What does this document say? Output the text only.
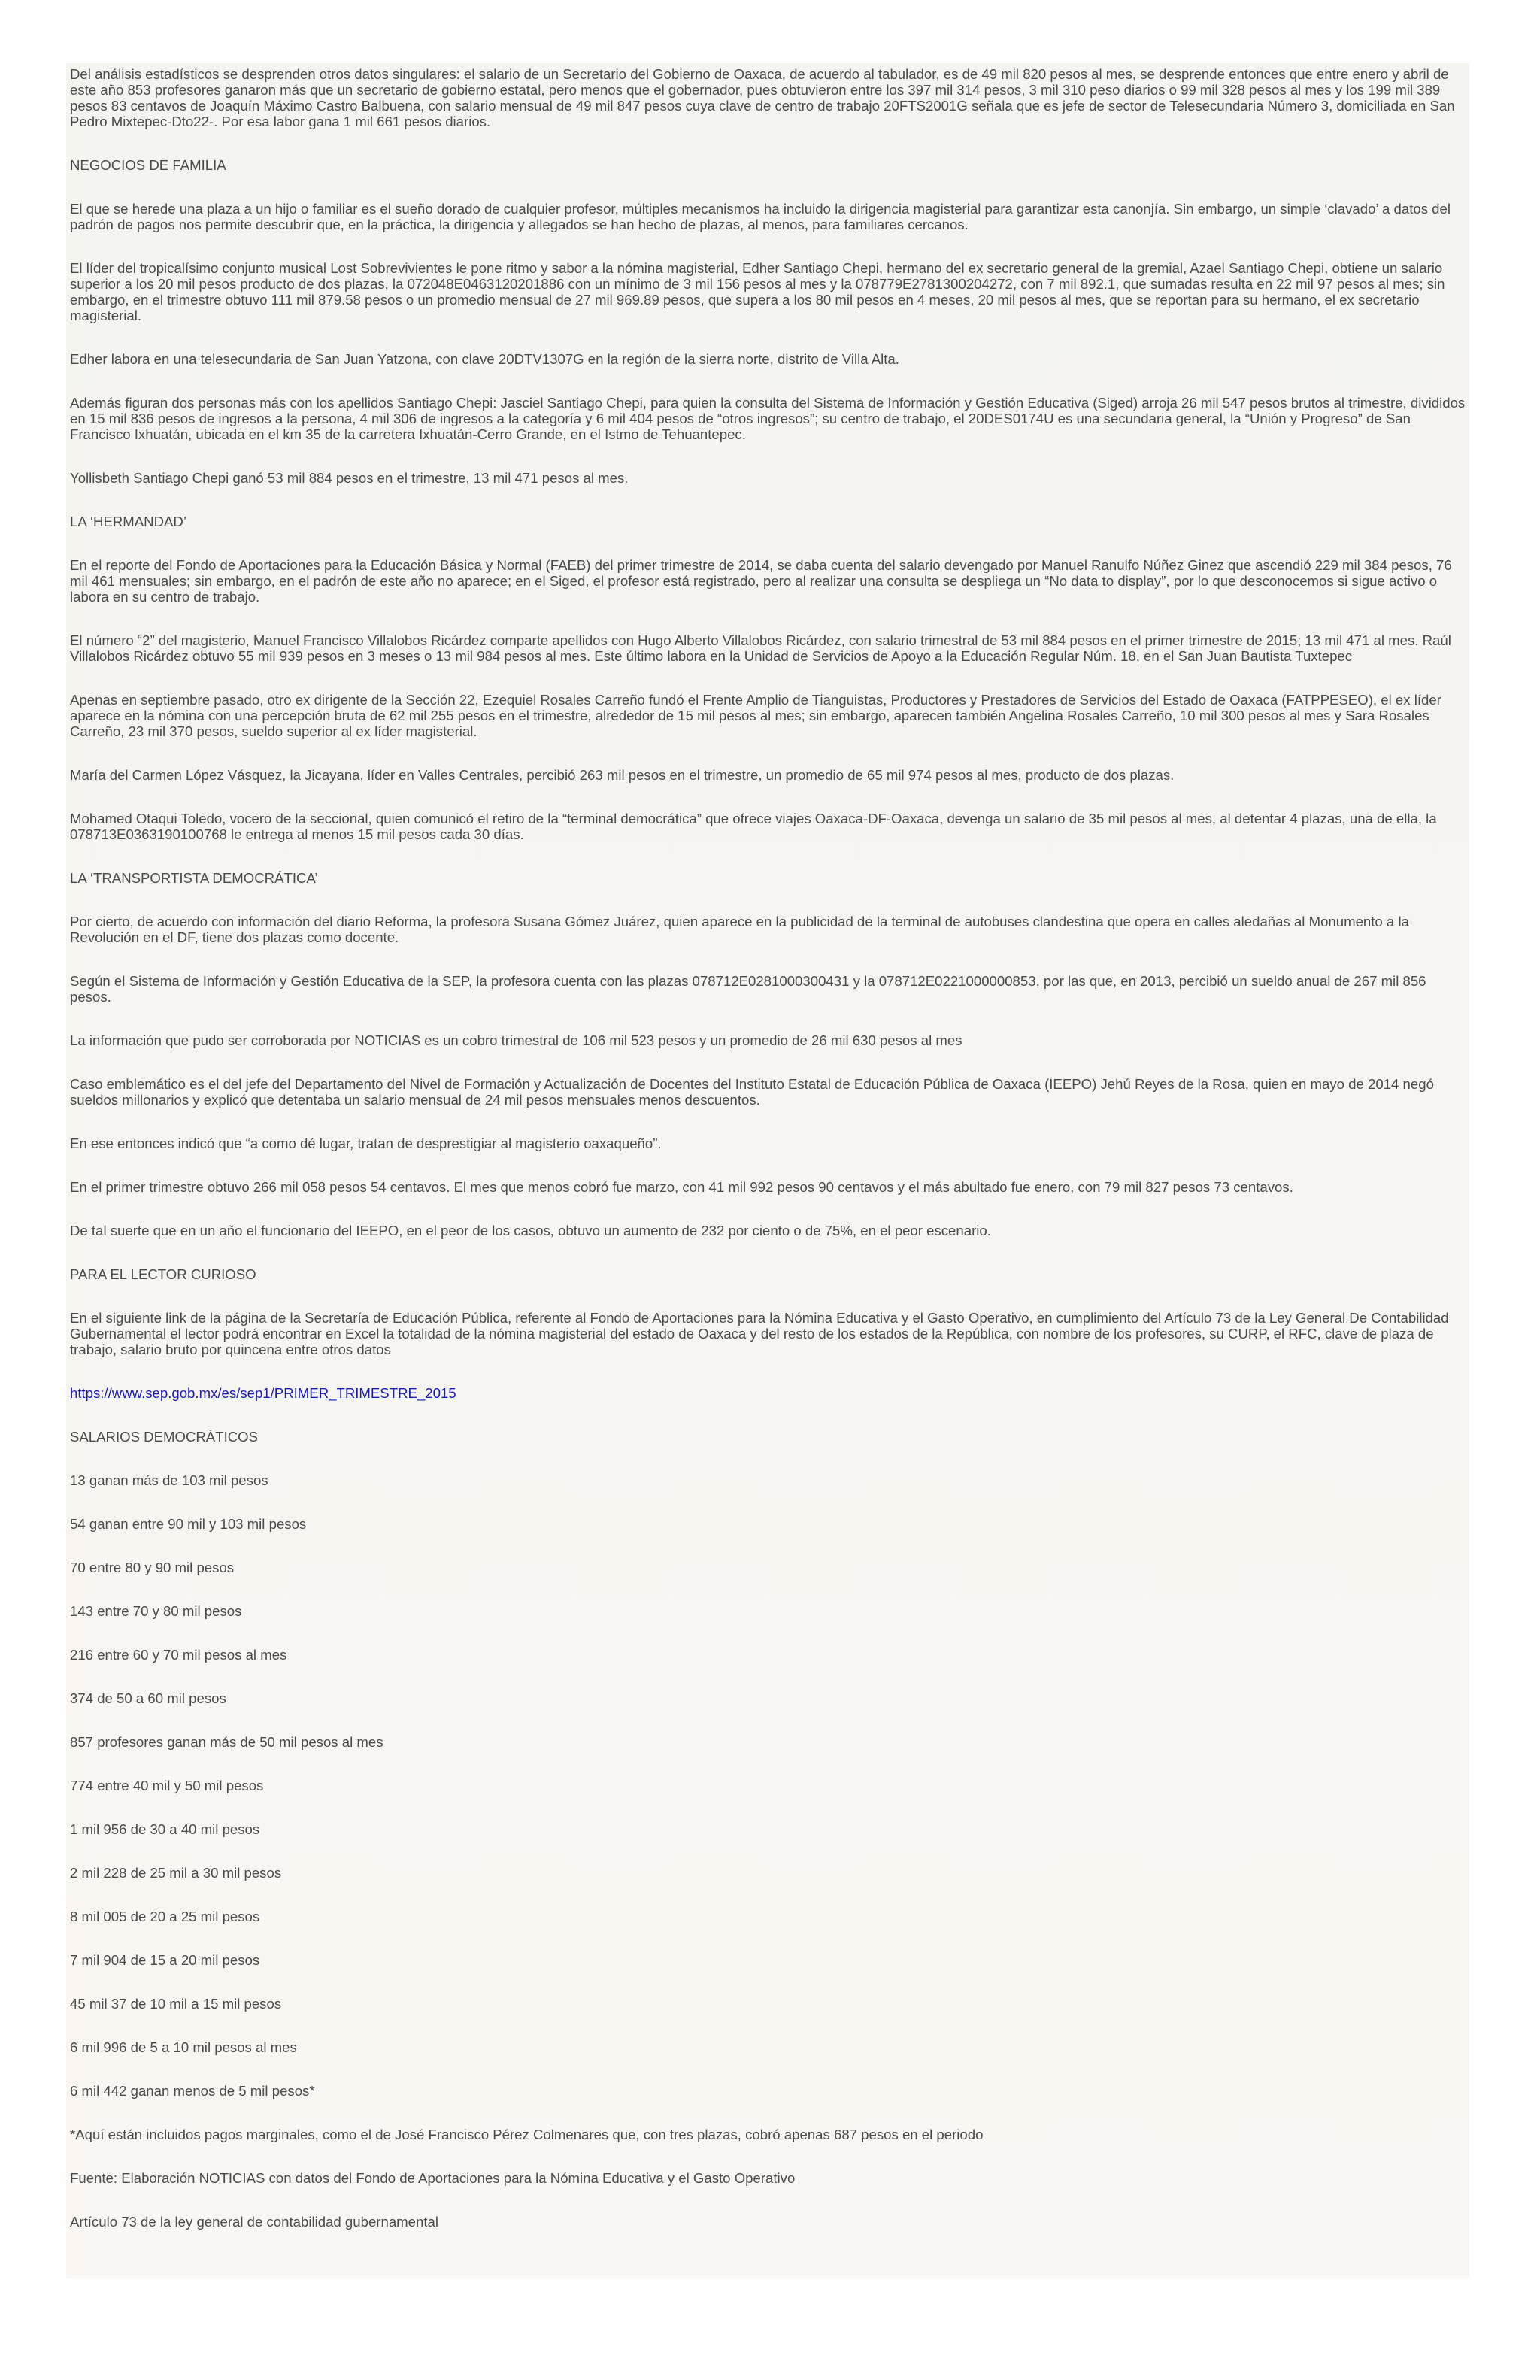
Del análisis estadísticos se desprenden otros datos singulares: el salario de un Secretario del Gobierno de Oaxaca, de acuerdo al tabulador, es de 49 mil 820 pesos al mes, se desprende entonces que entre enero y abril de este año 853 profesores ganaron más que un secretario de gobierno estatal, pero menos que el gobernador, pues obtuvieron entre los 397 mil 314 pesos, 3 mil 310 peso diarios o 99 mil 328 pesos al mes y los 199 mil 389 pesos 83 centavos de Joaquín Máximo Castro Balbuena, con salario mensual de 49 mil 847 pesos cuya clave de centro de trabajo 20FTS2001G señala que es jefe de sector de Telesecundaria Número 3, domiciliada en San Pedro Mixtepec-Dto22-. Por esa labor gana 1 mil 661 pesos diarios.

NEGOCIOS DE FAMILIA

El que se herede una plaza a un hijo o familiar es el sueño dorado de cualquier profesor, múltiples mecanismos ha incluido la dirigencia magisterial para garantizar esta canonjía. Sin embargo, un simple ‘clavado’ a datos del padrón de pagos nos permite descubrir que, en la práctica, la dirigencia y allegados se han hecho de plazas, al menos, para familiares cercanos.

El líder del tropicalísimo conjunto musical Lost Sobrevivientes le pone ritmo y sabor a la nómina magisterial, Edher Santiago Chepi, hermano del ex secretario general de la gremial, Azael Santiago Chepi, obtiene un salario superior a los 20 mil pesos producto de dos plazas, la 072048E0463120201886 con un mínimo de 3 mil 156 pesos al mes y la 078779E2781300204272, con 7 mil 892.1, que sumadas resulta en 22 mil 97 pesos al mes; sin embargo, en el trimestre obtuvo 111 mil 879.58 pesos o un promedio mensual de 27 mil 969.89 pesos, que supera a los 80 mil pesos en 4 meses, 20 mil pesos al mes, que se reportan para su hermano, el ex secretario magisterial.

Edher labora en una telesecundaria de San Juan Yatzona, con clave 20DTV1307G en la región de la sierra norte, distrito de Villa Alta.

Además figuran dos personas más con los apellidos Santiago Chepi: Jasciel Santiago Chepi, para quien la consulta del Sistema de Información y Gestión Educativa (Siged) arroja 26 mil 547 pesos brutos al trimestre, divididos en 15 mil 836 pesos de ingresos a la persona, 4 mil 306 de ingresos a la categoría y 6 mil 404 pesos de “otros ingresos”; su centro de trabajo, el 20DES0174U es una secundaria general, la “Unión y Progreso” de San Francisco Ixhuatán, ubicada en el km 35 de la carretera Ixhuatán-Cerro Grande, en el Istmo de Tehuantepec.

Yollisbeth Santiago Chepi ganó 53 mil 884 pesos en el trimestre, 13 mil 471 pesos al mes.

LA ‘HERMANDAD’

En el reporte del Fondo de Aportaciones para la Educación Básica y Normal (FAEB) del primer trimestre de 2014, se daba cuenta del salario devengado por Manuel Ranulfo Núñez Ginez que ascendió 229 mil 384 pesos, 76 mil 461 mensuales; sin embargo, en el padrón de este año no aparece; en el Siged, el profesor está registrado, pero al realizar una consulta se despliega un “No data to display”, por lo que desconocemos si sigue activo o labora en su centro de trabajo.

El número “2” del magisterio, Manuel Francisco Villalobos Ricárdez comparte apellidos con Hugo Alberto Villalobos Ricárdez, con salario trimestral de 53 mil 884 pesos en el primer trimestre de 2015; 13 mil 471 al mes. Raúl Villalobos Ricárdez obtuvo 55 mil 939 pesos en 3 meses o 13 mil 984 pesos al mes. Este último labora en la Unidad de Servicios de Apoyo a la Educación Regular Núm. 18, en el San Juan Bautista Tuxtepec

Apenas en septiembre pasado, otro ex dirigente de la Sección 22, Ezequiel Rosales Carreño fundó el Frente Amplio de Tianguistas, Productores y Prestadores de Servicios del Estado de Oaxaca (FATPPESEO), el ex líder aparece en la nómina con una percepción bruta de 62 mil 255 pesos en el trimestre, alrededor de 15 mil pesos al mes; sin embargo, aparecen también Angelina Rosales Carreño, 10 mil 300 pesos al mes y Sara Rosales Carreño, 23 mil 370 pesos, sueldo superior al ex líder magisterial.

María del Carmen López Vásquez, la Jicayana, líder en Valles Centrales, percibió 263 mil pesos en el trimestre, un promedio de 65 mil 974 pesos al mes, producto de dos plazas.

Mohamed Otaqui Toledo, vocero de la seccional, quien comunicó el retiro de la “terminal democrática” que ofrece viajes Oaxaca-DF-Oaxaca, devenga un salario de 35 mil pesos al mes, al detentar 4 plazas, una de ella, la 078713E0363190100768 le entrega al menos 15 mil pesos cada 30 días.

LA ‘TRANSPORTISTA DEMOCRÁTICA’

Por cierto, de acuerdo con información del diario Reforma, la profesora Susana Gómez Juárez, quien aparece en la publicidad de la terminal de autobuses clandestina que opera en calles aledañas al Monumento a la Revolución en el DF, tiene dos plazas como docente.

Según el Sistema de Información y Gestión Educativa de la SEP, la profesora cuenta con las plazas 078712E0281000300431 y la 078712E0221000000853, por las que, en 2013, percibió un sueldo anual de 267 mil 856 pesos.

La información que pudo ser corroborada por NOTICIAS es un cobro trimestral de 106 mil 523 pesos y un promedio de 26 mil 630 pesos al mes

Caso emblemático es el del jefe del Departamento del Nivel de Formación y Actualización de Docentes del Instituto Estatal de Educación Pública de Oaxaca (IEEPO) Jehú Reyes de la Rosa, quien en mayo de 2014 negó sueldos millonarios y explicó que detentaba un salario mensual de 24 mil pesos mensuales menos descuentos.

En ese entonces indicó que “a como dé lugar, tratan de desprestigiar al magisterio oaxaqueño”.

En el primer trimestre obtuvo 266 mil 058 pesos 54 centavos. El mes que menos cobró fue marzo, con 41 mil 992 pesos 90 centavos y el más abultado fue enero, con 79 mil 827 pesos 73 centavos.

De tal suerte que en un año el funcionario del IEEPO, en el peor de los casos, obtuvo un aumento de 232 por ciento o de 75%, en el peor escenario.

PARA EL LECTOR CURIOSO

En el siguiente link de la página de la Secretaría de Educación Pública, referente al Fondo de Aportaciones para la Nómina Educativa y el Gasto Operativo, en cumplimiento del Artículo 73 de la Ley General De Contabilidad Gubernamental el lector podrá encontrar en Excel la totalidad de la nómina magisterial del estado de Oaxaca y del resto de los estados de la República, con nombre de los profesores, su CURP, el RFC, clave de plaza de trabajo, salario bruto por quincena entre otros datos

https://www.sep.gob.mx/es/sep1/PRIMER_TRIMESTRE_2015

SALARIOS DEMOCRÁTICOS

13 ganan más de 103 mil pesos

54 ganan entre 90 mil y 103 mil pesos

70 entre 80 y 90 mil pesos

143 entre 70 y 80 mil pesos

216 entre 60 y 70 mil pesos al mes

374 de 50 a 60 mil pesos

857 profesores ganan más de 50 mil pesos al mes

774 entre 40 mil y 50 mil pesos

1 mil 956 de 30 a 40 mil pesos

2 mil 228 de 25 mil a 30 mil pesos

8 mil 005 de 20 a 25 mil pesos

7 mil 904 de 15 a 20 mil pesos

45 mil 37 de 10 mil a 15 mil pesos

6 mil 996 de 5 a 10 mil pesos al mes

6 mil 442 ganan menos de 5 mil pesos*

*Aquí están incluidos pagos marginales, como el de José Francisco Pérez Colmenares que, con tres plazas, cobró apenas 687 pesos en el periodo

Fuente: Elaboración NOTICIAS con datos del Fondo de Aportaciones para la Nómina Educativa y el Gasto Operativo

Artículo 73 de la ley general de contabilidad gubernamental
